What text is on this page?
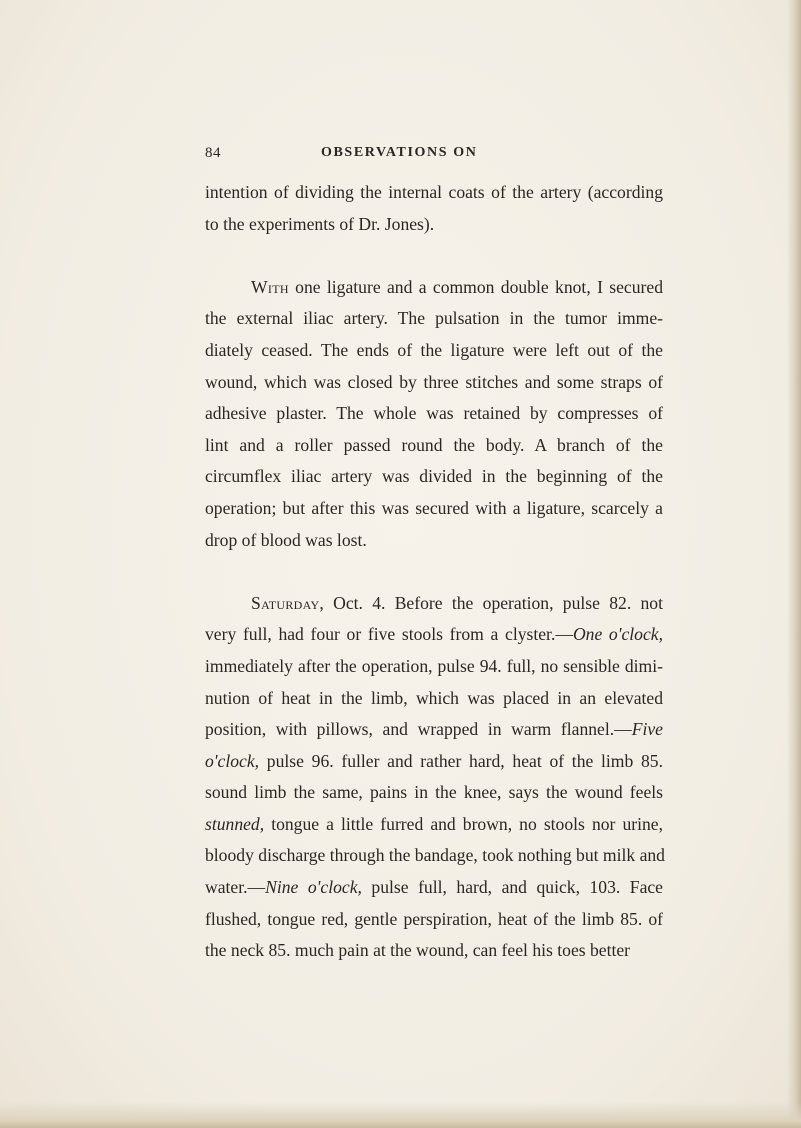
84	OBSERVATIONS ON

intention of dividing the internal coats of the artery (according
to the experiments of Dr. Jones).

With one ligature and a common double knot, I secured
the external iliac artery. The pulsation in the tumor imme-
diately ceased. The ends of the ligature were left out of the
wound, which was closed by three stitches and some straps of
adhesive plaster. The whole was retained by compresses of
lint and a roller passed round the body. A branch of the
circumflex iliac artery was divided in the beginning of the
operation; but after this was secured with a ligature, scarcely a
drop of blood was lost.

Saturday, Oct. 4. Before the operation, pulse 82. not
very full, had four or five stools from a clyster.—One o'clock,
immediately after the operation, pulse 94. full, no sensible dimi-
nution of heat in the limb, which was placed in an elevated
position, with pillows, and wrapped in warm flannel.—Five
o'clock, pulse 96. fuller and rather hard, heat of the limb 85.
sound limb the same, pains in the knee, says the wound feels
stunned, tongue a little furred and brown, no stools nor urine,
bloody discharge through the bandage, took nothing but milk and
water.—Nine o'clock, pulse full, hard, and quick, 103. Face
flushed, tongue red, gentle perspiration, heat of the limb 85. of
the neck 85. much pain at the wound, can feel his toes better
